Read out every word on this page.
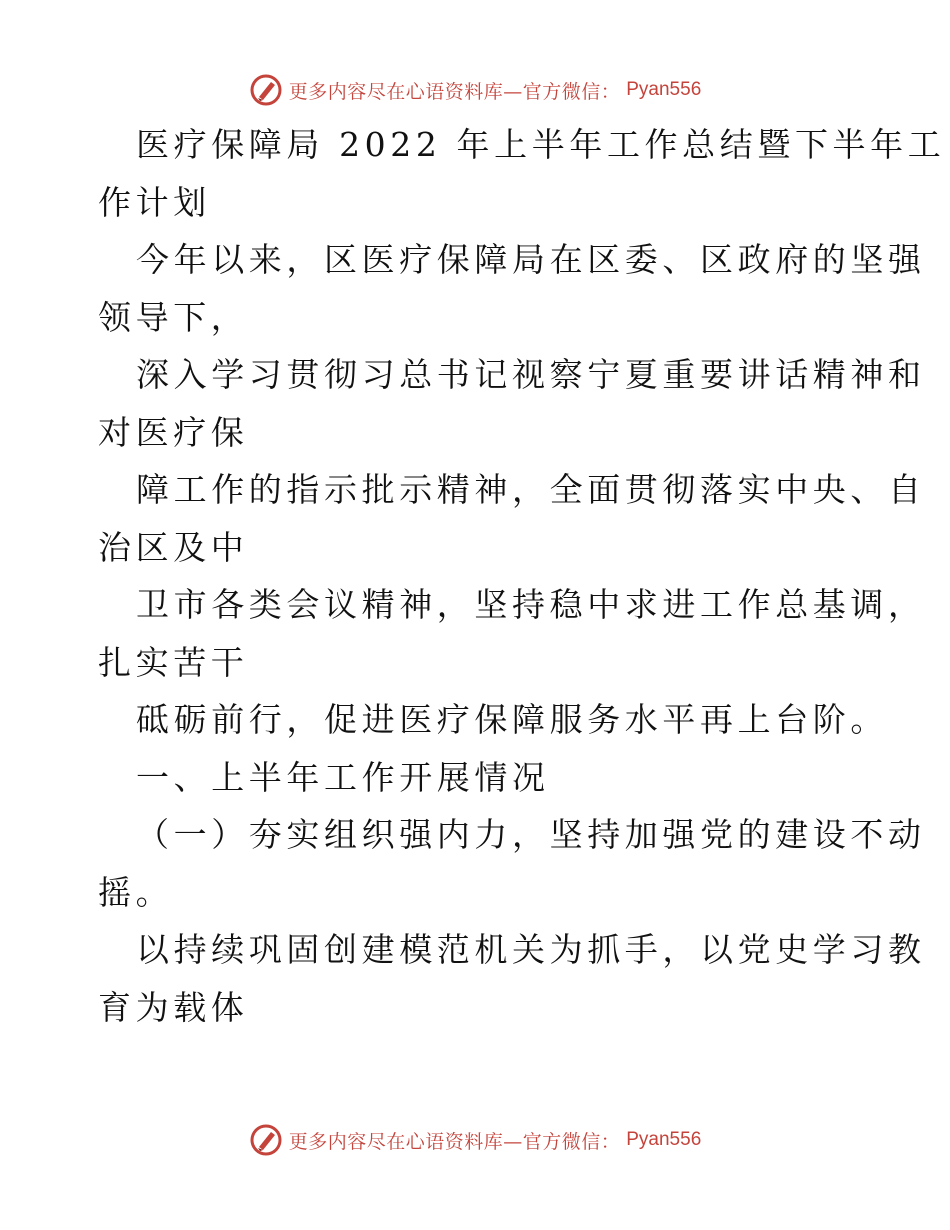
更多内容尽在心语资料库—官方微信： Pyan556
医疗保障局 2022 年上半年工作总结暨下半年工
作计划
今年以来，区医疗保障局在区委、区政府的坚强
领导下，
深入学习贯彻习总书记视察宁夏重要讲话精神和
对医疗保
障工作的指示批示精神，全面贯彻落实中央、自
治区及中
卫市各类会议精神，坚持稳中求进工作总基调，
扎实苦干
砥砺前行，促进医疗保障服务水平再上台阶。
一、上半年工作开展情况
（一）夯实组织强内力，坚持加强党的建设不动
摇。
以持续巩固创建模范机关为抓手，以党史学习教
育为载体
更多内容尽在心语资料库—官方微信： Pyan556
